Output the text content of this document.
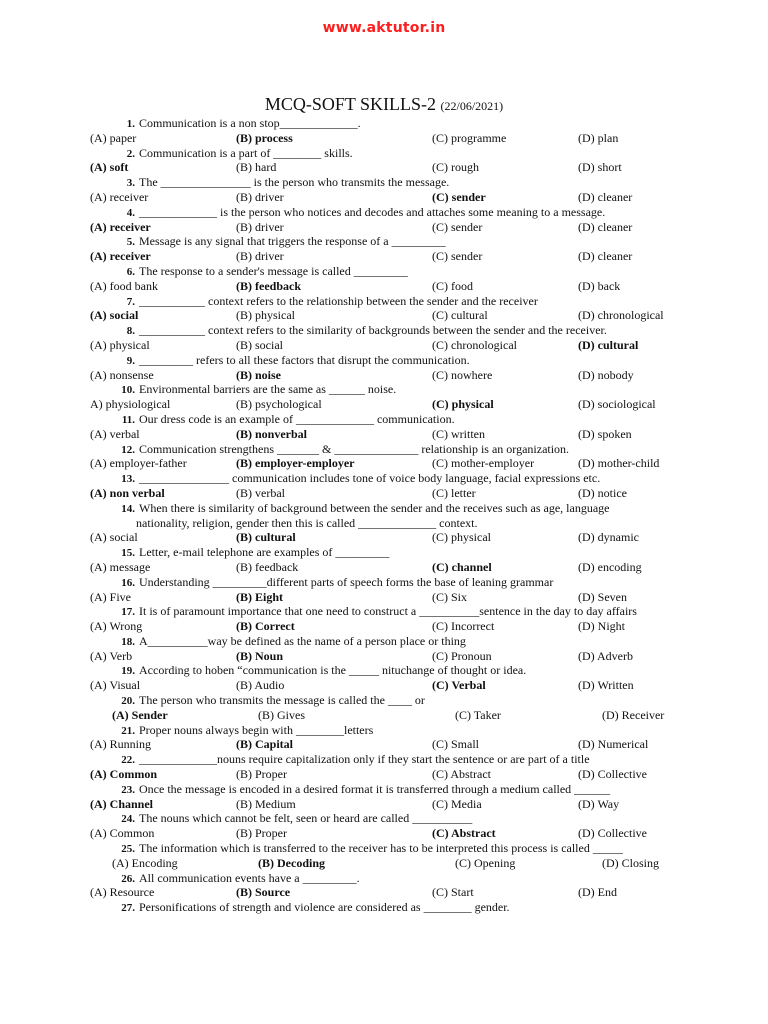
www.aktutor.in
MCQ-SOFT SKILLS-2 (22/06/2021)
1. Communication is a non stop_____________.
(A) paper	(B) process	(C) programme	(D) plan
2. Communication is a part of ________ skills.
(A) soft	(B) hard	(C) rough	(D) short
3. The _______________ is the person who transmits the message.
(A) receiver	(B) driver	(C) sender	(D) cleaner
4. _____________ is the person who notices and decodes and attaches some meaning to a message.
(A) receiver	(B) driver	(C) sender	(D) cleaner
5. Message is any signal that triggers the response of a _________
(A) receiver	(B) driver	(C) sender	(D) cleaner
6. The response to a sender's message is called _________
(A) food bank	(B) feedback	(C) food	(D) back
7. ___________ context refers to the relationship between the sender and the receiver
(A) social	(B) physical	(C) cultural	(D) chronological
8. ___________ context refers to the similarity of backgrounds between the sender and the receiver.
(A) physical	(B) social	(C) chronological	(D) cultural
9. _________ refers to all these factors that disrupt the communication.
(A) nonsense	(B) noise	(C) nowhere	(D) nobody
10. Environmental barriers are the same as ______ noise.
A) physiological	(B) psychological	(C) physical	(D) sociological
11. Our dress code is an example of _____________ communication.
(A) verbal	(B) nonverbal	(C) written	(D) spoken
12. Communication strengthens _______ & ______________ relationship is an organization.
(A) employer-father	(B) employer-employer	(C) mother-employer	(D) mother-child
13. _______________ communication includes tone of voice body language, facial expressions etc.
(A) non verbal	(B) verbal	(C) letter	(D) notice
14. When there is similarity of background between the sender and the receives such as age, language
nationality, religion, gender then this is called _____________ context.
(A) social	(B) cultural	(C) physical	(D) dynamic
15. Letter, e-mail telephone are examples of _________
(A) message	(B) feedback	(C) channel	(D) encoding
16. Understanding _________different parts of speech forms the base of leaning grammar
(A) Five	(B) Eight	(C) Six	(D) Seven
17. It is of paramount importance that one need to construct a __________sentence in the day to day affairs
(A) Wrong	(B) Correct	(C) Incorrect	(D) Night
18. A__________way be defined as the name of a person place or thing
(A) Verb	(B) Noun	(C) Pronoun	(D) Adverb
19. According to hoben “communication is the _____ nituchange of thought or idea.
(A) Visual	(B) Audio	(C) Verbal	(D) Written
20. The person who transmits the message is called the ____ or
(A) Sender	(B) Gives	(C) Taker	(D) Receiver
21. Proper nouns always begin with ________letters
(A) Running	(B) Capital	(C) Small	(D) Numerical
22. _____________nouns require capitalization only if they start the sentence or are part of a title
(A) Common	(B) Proper	(C) Abstract	(D) Collective
23. Once the message is encoded in a desired format it is transferred through a medium called ______
(A) Channel	(B) Medium	(C) Media	(D) Way
24. The nouns which cannot be felt, seen or heard are called __________
(A) Common	(B) Proper	(C) Abstract	(D) Collective
25. The information which is transferred to the receiver has to be interpreted this process is called _____
(A) Encoding	(B) Decoding	(C) Opening	(D) Closing
26. All communication events have a _________.
(A) Resource	(B) Source	(C) Start	(D) End
27. Personifications of strength and violence are considered as ________ gender.
